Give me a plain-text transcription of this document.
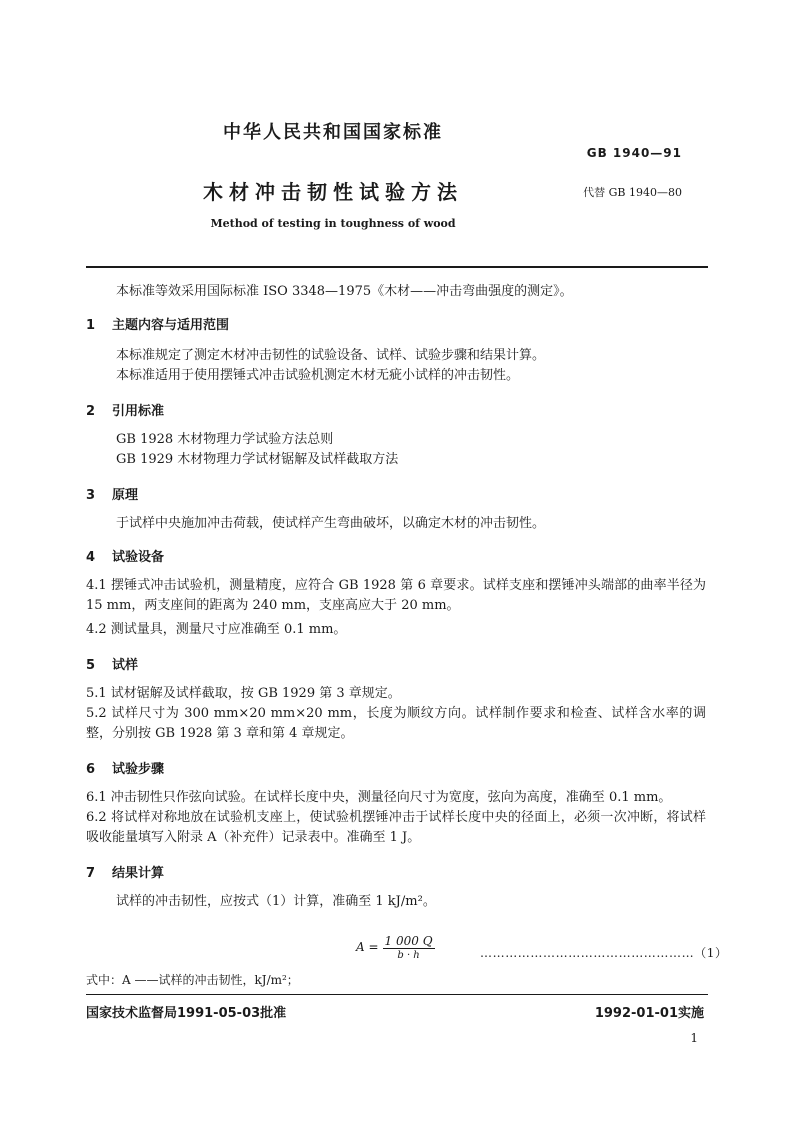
中华人民共和国国家标准
GB 1940—91
木材冲击韧性试验方法	代替 GB 1940—80
Method of testing in toughness of wood
本标准等效采用国际标准 ISO 3348—1975《木材——冲击弯曲强度的测定》。
1 主题内容与适用范围
本标准规定了测定木材冲击韧性的试验设备、试样、试验步骤和结果计算。
本标准适用于使用摆锤式冲击试验机测定木材无疵小试样的冲击韧性。
2 引用标准
GB 1928 木材物理力学试验方法总则
GB 1929 木材物理力学试材锯解及试样截取方法
3 原理
于试样中央施加冲击荷载，使试样产生弯曲破坏，以确定木材的冲击韧性。
4 试验设备
4.1 摆锤式冲击试验机，测量精度，应符合 GB 1928 第 6 章要求。试样支座和摆锤冲头端部的曲率半径为 15 mm，两支座间的距离为 240 mm，支座高应大于 20 mm。
4.2 测试量具，测量尺寸应准确至 0.1 mm。
5 试样
5.1 试材锯解及试样截取，按 GB 1929 第 3 章规定。
5.2 试样尺寸为 300 mm×20 mm×20 mm，长度为顺纹方向。试样制作要求和检查、试样含水率的调整，分别按 GB 1928 第 3 章和第 4 章规定。
6 试验步骤
6.1 冲击韧性只作弦向试验。在试样长度中央，测量径向尺寸为宽度，弦向为高度，准确至 0.1 mm。
6.2 将试样对称地放在试验机支座上，使试验机摆锤冲击于试样长度中央的径面上，必须一次冲断，将试样吸收能量填写入附录 A（补充件）记录表中。准确至 1 J。
7 结果计算
试样的冲击韧性，应按式（1）计算，准确至 1 kJ/m²。
$A = \frac{1 000 Q}{b \cdot h}$	……………………………………………（1）
式中：A ——试样的冲击韧性，kJ/m²；
国家技术监督局1991-05-03批准	1992-01-01实施
1
